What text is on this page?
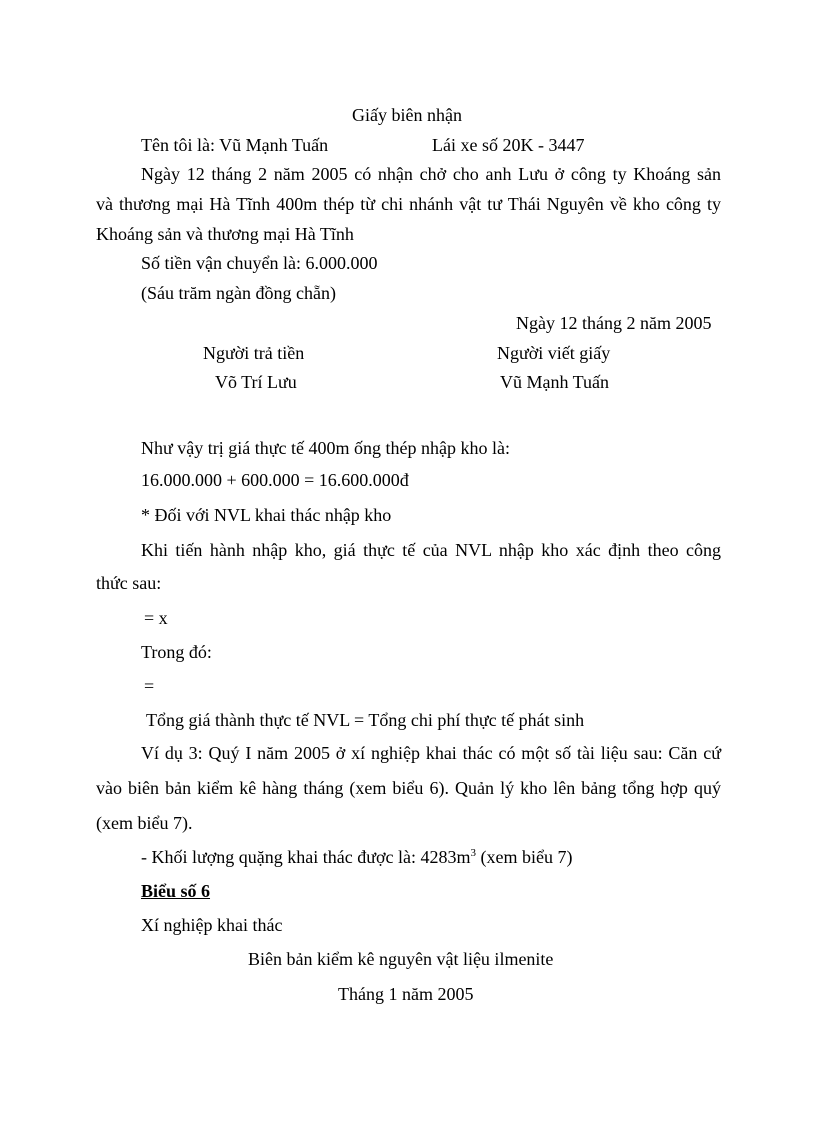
Giấy biên nhận
Tên tôi là: Vũ Mạnh Tuấn	Lái xe số 20K - 3447
Ngày 12 tháng 2 năm 2005 có nhận chở cho anh Lưu ở công ty Khoáng sản
và thương mại Hà Tĩnh 400m thép từ chi nhánh vật tư Thái Nguyên về kho công ty
Khoáng sản và thương mại Hà Tĩnh
Số tiền vận chuyển là: 6.000.000
(Sáu trăm ngàn đồng chẵn)
Ngày 12 tháng 2 năm 2005
Người trả tiền	Người viết giấy
Võ Trí Lưu	Vũ Mạnh Tuấn
Như vậy trị giá thực tế 400m ống thép nhập kho là:
16.000.000 + 600.000 = 16.600.000đ
* Đối với NVL khai thác nhập kho
Khi tiến hành nhập kho, giá thực tế của NVL nhập kho xác định theo công
thức sau:
= x
Trong đó:
=
Tổng giá thành thực tế NVL = Tổng chi phí thực tế phát sinh
Ví dụ 3: Quý I năm 2005 ở xí nghiệp khai thác có một số tài liệu sau: Căn cứ
vào biên bản kiểm kê hàng tháng (xem biểu 6). Quản lý kho lên bảng tổng hợp quý
(xem biểu 7).
- Khối lượng quặng khai thác được là: $4283m^3$ (xem biểu 7)
Biểu số 6
Xí nghiệp khai thác
Biên bản kiểm kê nguyên vật liệu ilmenite
Tháng 1 năm 2005
